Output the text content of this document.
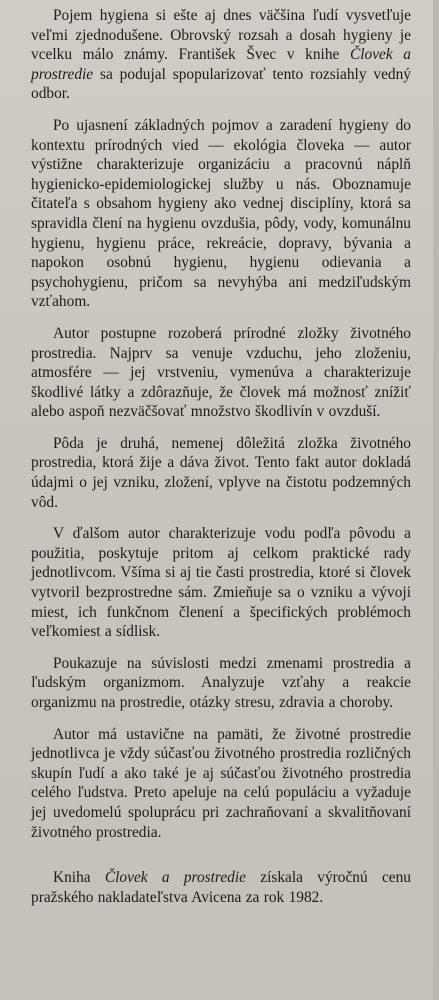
Pojem hygiena si ešte aj dnes väčšina ľudí vysvetľuje veľmi zjednodušene. Obrovský rozsah a dosah hygieny je vcelku málo známy. František Švec v knihe Človek a prostredie sa podujal spopularizovať tento rozsiahly vedný odbor.

Po ujasnení základných pojmov a zaradení hygieny do kontextu prírodných vied — ekológia človeka — autor výstižne charakterizuje organizáciu a pracovnú náplň hygienicko-epidemiologickej služby u nás. Oboznamuje čitateľa s obsahom hygieny ako vednej disciplíny, ktorá sa spravidla člení na hygienu ovzdušia, pôdy, vody, komunálnu hygienu, hygienu práce, rekreácie, dopravy, bývania a napokon osobnú hygienu, hygienu odievania a psychohygienu, pričom sa nevyhýba ani medziľudským vzťahom.

Autor postupne rozoberá prírodné zložky životného prostredia. Najprv sa venuje vzduchu, jeho zloženiu, atmosfére — jej vrstveniu, vymenúva a charakterizuje škodlivé látky a zdôrazňuje, že človek má možnosť znížiť alebo aspoň nezväčšovať množstvo škodlivín v ovzduší.

Pôda je druhá, nemenej dôležitá zložka životného prostredia, ktorá žije a dáva život. Tento fakt autor dokladá údajmi o jej vzniku, zložení, vplyve na čistotu podzemných vôd.

V ďalšom autor charakterizuje vodu podľa pôvodu a použitia, poskytuje pritom aj celkom praktické rady jednotlivcom. Všíma si aj tie časti prostredia, ktoré si človek vytvoril bezprostredne sám. Zmieňuje sa o vzniku a vývoji miest, ich funkčnom členení a špecifických problémoch veľkomiest a sídlisk.

Poukazuje na súvislosti medzi zmenami prostredia a ľudským organizmom. Analyzuje vzťahy a reakcie organizmu na prostredie, otázky stresu, zdravia a choroby.

Autor má ustavične na pamäti, že životné prostredie jednotlivca je vždy súčasťou životného prostredia rozličných skupín ľudí a ako také je aj súčasťou životného prostredia celého ľudstva. Preto apeluje na celú populáciu a vyžaduje jej uvedomelú spoluprácu pri zachraňovaní a skvalitňovaní životného prostredia.

Kniha Človek a prostredie získala výročnú cenu pražského nakladateľstva Avicena za rok 1982.
